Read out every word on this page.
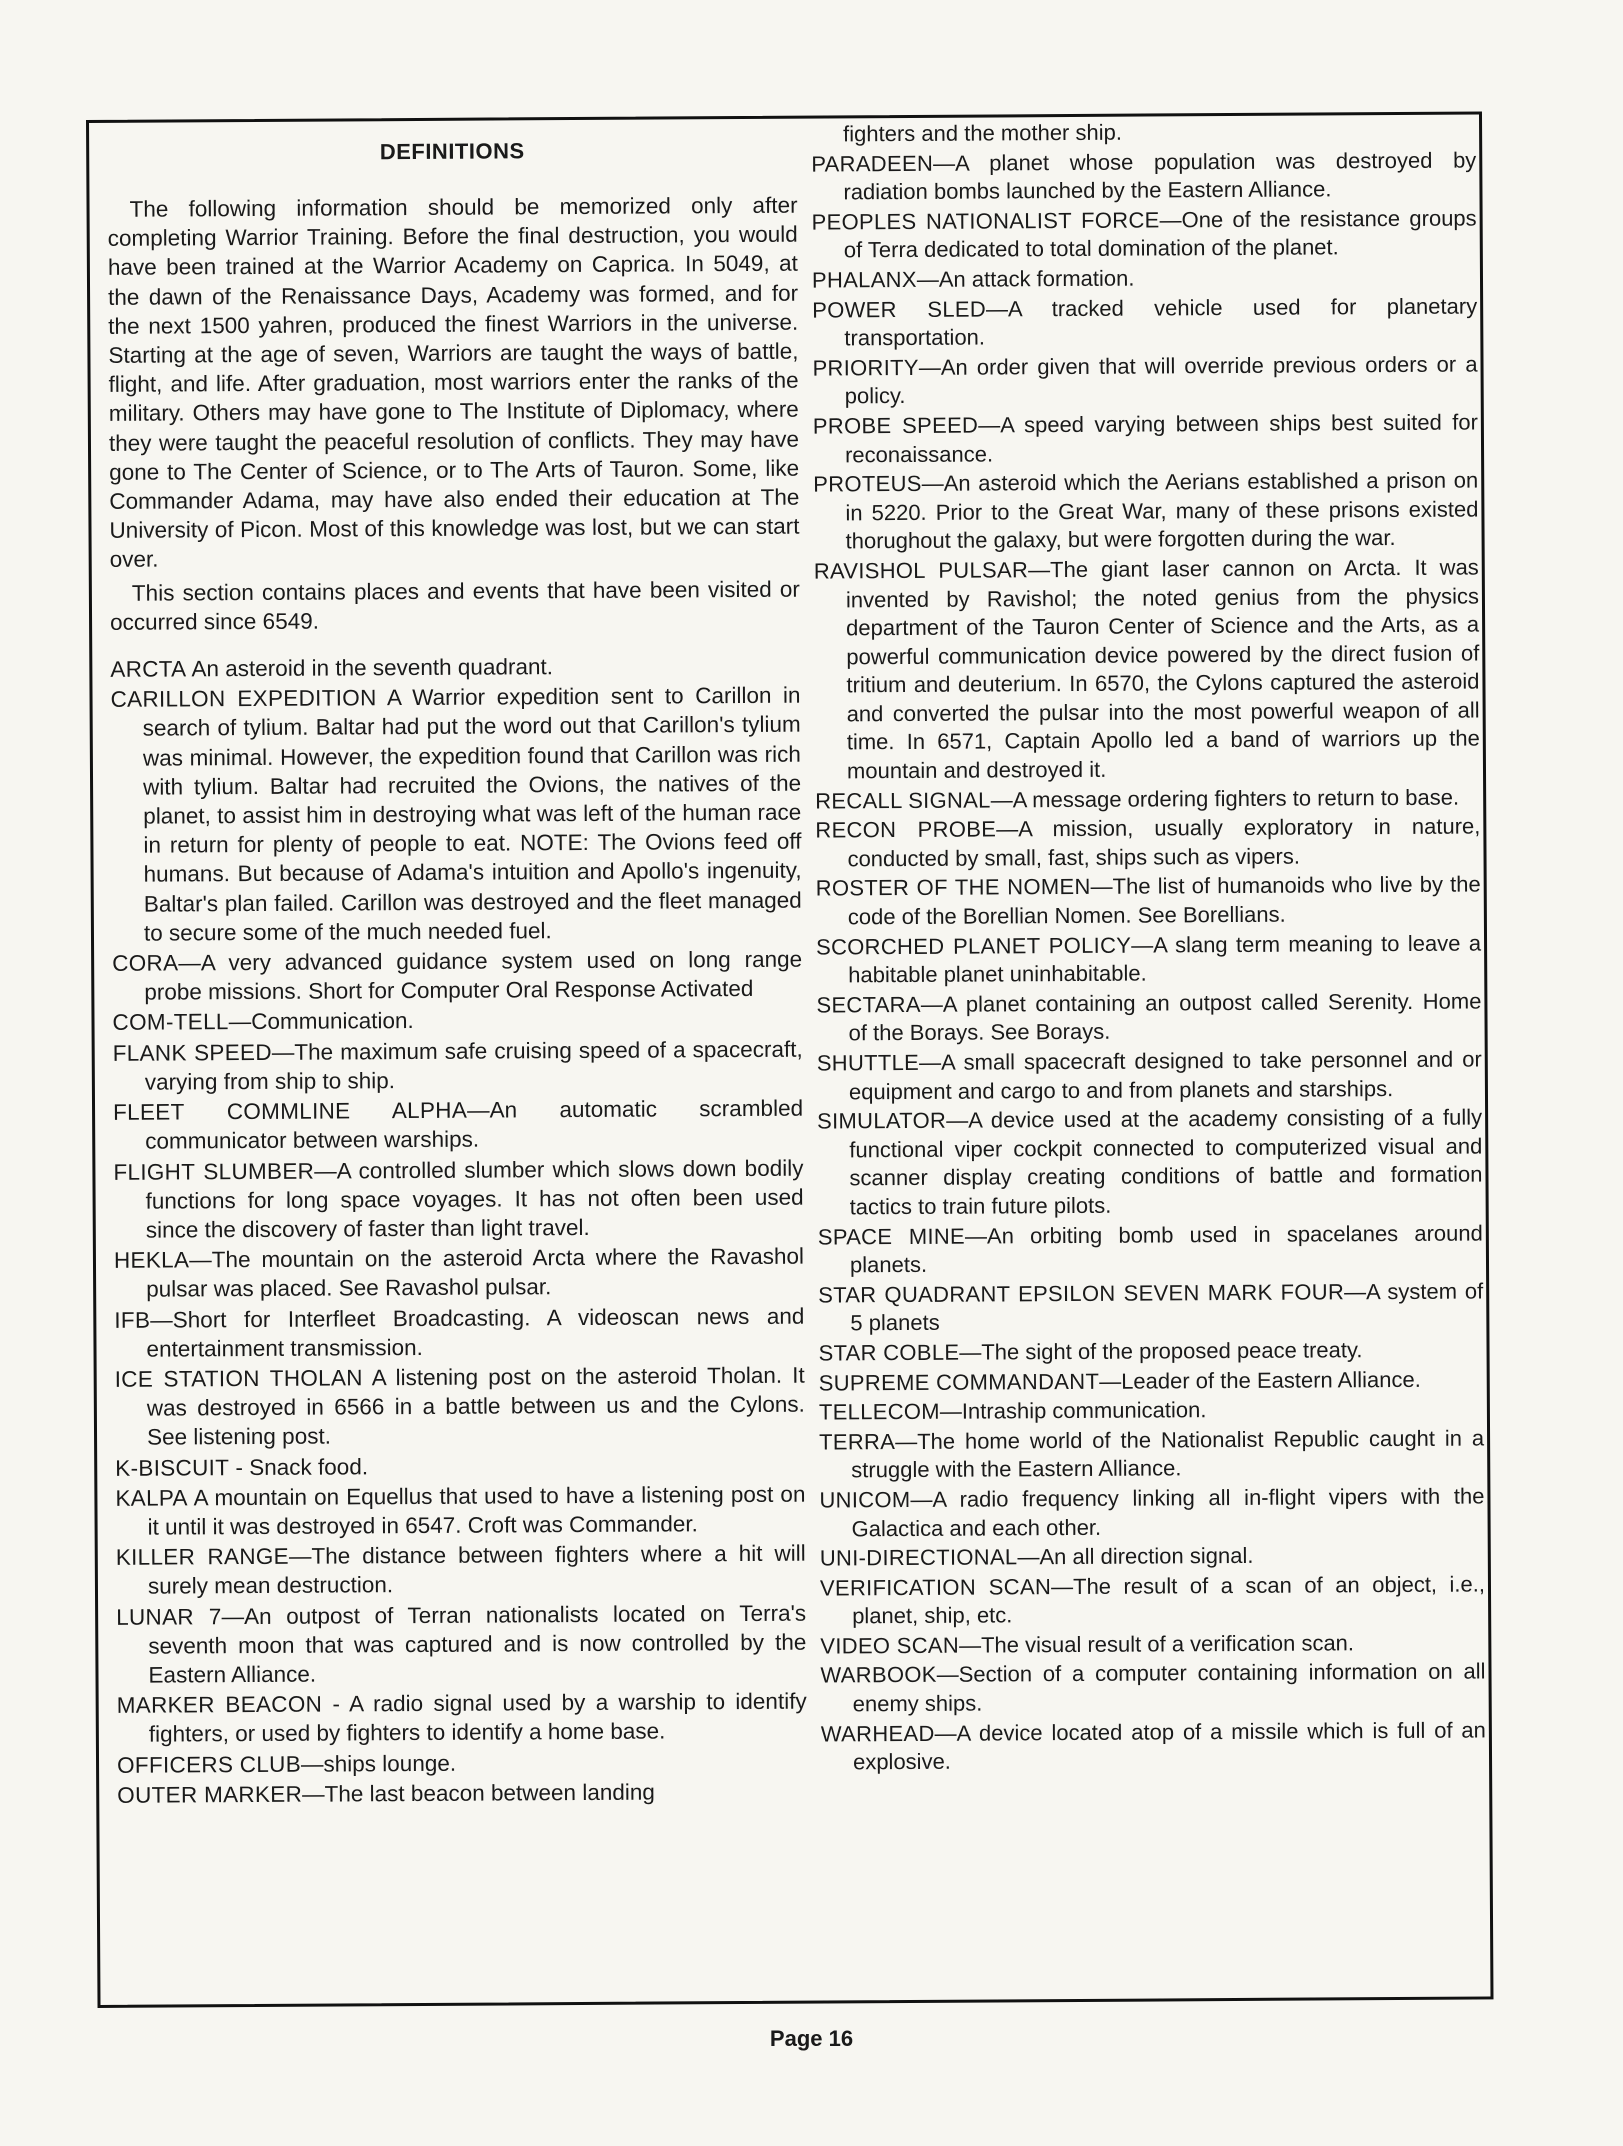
DEFINITIONS

The following information should be memorized only after completing Warrior Training. Before the final destruction, you would have been trained at the Warrior Academy on Caprica. In 5049, at the dawn of the Renaissance Days, Academy was formed, and for the next 1500 yahren, produced the finest Warriors in the universe. Starting at the age of seven, Warriors are taught the ways of battle, flight, and life. After graduation, most warriors enter the ranks of the military. Others may have gone to The Institute of Diplomacy, where they were taught the peaceful resolution of conflicts. They may have gone to The Center of Science, or to The Arts of Tauron. Some, like Commander Adama, may have also ended their education at The University of Picon. Most of this knowledge was lost, but we can start over.

This section contains places and events that have been visited or occurred since 6549.

ARCTA An asteroid in the seventh quadrant.
CARILLON EXPEDITION A Warrior expedition sent to Carillon in search of tylium. Baltar had put the word out that Carillon's tylium was minimal. However, the expedition found that Carillon was rich with tylium. Baltar had recruited the Ovions, the natives of the planet, to assist him in destroying what was left of the human race in return for plenty of people to eat. NOTE: The Ovions feed off humans. But because of Adama's intuition and Apollo's ingenuity, Baltar's plan failed. Carillon was destroyed and the fleet managed to secure some of the much needed fuel.
CORA—A very advanced guidance system used on long range probe missions. Short for Computer Oral Response Activated
COM-TELL—Communication.
FLANK SPEED—The maximum safe cruising speed of a spacecraft, varying from ship to ship.
FLEET COMMLINE ALPHA—An automatic scrambled communicator between warships.
FLIGHT SLUMBER—A controlled slumber which slows down bodily functions for long space voyages. It has not often been used since the discovery of faster than light travel.
HEKLA—The mountain on the asteroid Arcta where the Ravashol pulsar was placed. See Ravashol pulsar.
IFB—Short for Interfleet Broadcasting. A videoscan news and entertainment transmission.
ICE STATION THOLAN A listening post on the asteroid Tholan. It was destroyed in 6566 in a battle between us and the Cylons. See listening post.
K-BISCUIT - Snack food.
KALPA A mountain on Equellus that used to have a listening post on it until it was destroyed in 6547. Croft was Commander.
KILLER RANGE—The distance between fighters where a hit will surely mean destruction.
LUNAR 7—An outpost of Terran nationalists located on Terra's seventh moon that was captured and is now controlled by the Eastern Alliance.
MARKER BEACON - A radio signal used by a warship to identify fighters, or used by fighters to identify a home base.
OFFICERS CLUB—ships lounge.
OUTER MARKER—The last beacon between landing
fighters and the mother ship.
PARADEEN—A planet whose population was destroyed by radiation bombs launched by the Eastern Alliance.
PEOPLES NATIONALIST FORCE—One of the resistance groups of Terra dedicated to total domination of the planet.
PHALANX—An attack formation.
POWER SLED—A tracked vehicle used for planetary transportation.
PRIORITY—An order given that will override previous orders or a policy.
PROBE SPEED—A speed varying between ships best suited for reconaissance.
PROTEUS—An asteroid which the Aerians established a prison on in 5220. Prior to the Great War, many of these prisons existed thorughout the galaxy, but were forgotten during the war.
RAVISHOL PULSAR—The giant laser cannon on Arcta. It was invented by Ravishol; the noted genius from the physics department of the Tauron Center of Science and the Arts, as a powerful communication device powered by the direct fusion of tritium and deuterium. In 6570, the Cylons captured the asteroid and converted the pulsar into the most powerful weapon of all time. In 6571, Captain Apollo led a band of warriors up the mountain and destroyed it.
RECALL SIGNAL—A message ordering fighters to return to base.
RECON PROBE—A mission, usually exploratory in nature, conducted by small, fast, ships such as vipers.
ROSTER OF THE NOMEN—The list of humanoids who live by the code of the Borellian Nomen. See Borellians.
SCORCHED PLANET POLICY—A slang term meaning to leave a habitable planet uninhabitable.
SECTARA—A planet containing an outpost called Serenity. Home of the Borays. See Borays.
SHUTTLE—A small spacecraft designed to take personnel and or equipment and cargo to and from planets and starships.
SIMULATOR—A device used at the academy consisting of a fully functional viper cockpit connected to computerized visual and scanner display creating conditions of battle and formation tactics to train future pilots.
SPACE MINE—An orbiting bomb used in spacelanes around planets.
STAR QUADRANT EPSILON SEVEN MARK FOUR—A system of 5 planets
STAR COBLE—The sight of the proposed peace treaty.
SUPREME COMMANDANT—Leader of the Eastern Alliance.
TELLECOM—Intraship communication.
TERRA—The home world of the Nationalist Republic caught in a struggle with the Eastern Alliance.
UNICOM—A radio frequency linking all in-flight vipers with the Galactica and each other.
UNI-DIRECTIONAL—An all direction signal.
VERIFICATION SCAN—The result of a scan of an object, i.e., planet, ship, etc.
VIDEO SCAN—The visual result of a verification scan.
WARBOOK—Section of a computer containing information on all enemy ships.
WARHEAD—A device located atop of a missile which is full of an explosive.
Page 16
